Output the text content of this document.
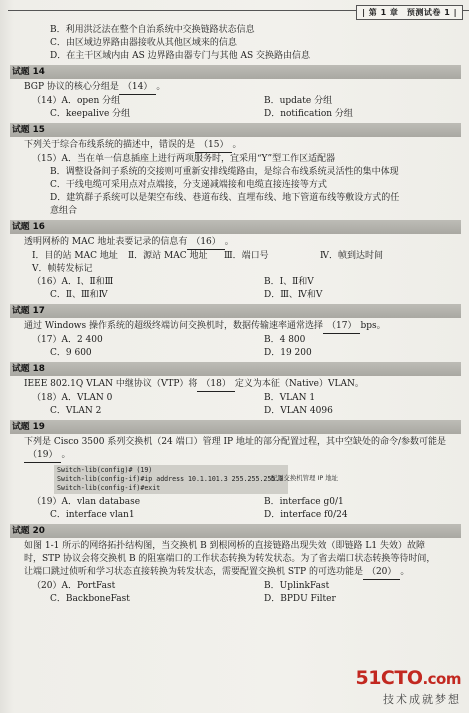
| 第 1 章　预测试卷 1 |
B．利用洪泛法在整个自治系统中交换链路状态信息
C．由区域边界路由器接收从其他区域来的信息
D．在主干区域内由 AS 边界路由器专门与其他 AS 交换路由信息
试题 14
BGP 协议的核心分组是 （14） 。
（14）A．open 分组	B．update 分组
C．keepalive 分组	D．notification 分组
试题 15
下列关于综合布线系统的描述中，错误的是 （15） 。
（15）A．当在单一信息插座上进行两项服务时，宜采用“Y”型工作区适配器
B．调整设备间子系统的交接则可重新安排线缆路由，是综合布线系统灵活性的集中体现
C．干线电缆可采用点对点端接，分支递减端接和电缆直接连接等方式
D．建筑群子系统可以是架空布线、巷道布线、直埋布线、地下管道布线等敷设方式的任
意组合
试题 16
透明网桥的 MAC 地址表要记录的信息有 （16） 。
Ⅰ．目的站 MAC 地址 Ⅱ．源站 MAC 地址 Ⅲ．端口号	Ⅳ．帧到达时间Ⅴ．帧转发标记
（16）A．Ⅰ、Ⅱ和Ⅲ	B．Ⅰ、Ⅱ和Ⅴ
C．Ⅱ、Ⅲ和Ⅳ	D．Ⅲ、Ⅳ和Ⅴ
试题 17
通过 Windows 操作系统的超级终端访问交换机时，数据传输速率通常选择 （17） bps。
（17）A．2 400	B．4 800
C．9 600	D．19 200
试题 18
IEEE 802.1Q VLAN 中继协议（VTP）将 （18） 定义为本征（Native）VLAN。
（18）A．VLAN 0	B．VLAN 1
C．VLAN 2	D．VLAN 4096
试题 19
下列是 Cisco 3500 系列交换机（24 端口）管理 IP 地址的部分配置过程，其中空缺处的命令/参数可能是
（19） 。
Switch-lib(config)# (19)
Switch-lib(config-if)#ip address 10.1.101.3 255.255.255.0
Switch-lib(config-if)#exit
配置交换机管理 IP 地址
（19）A．vlan database	B．interface g0/1
C．interface vlan1	D．interface f0/24
试题 20
如图 1-1 所示的网络拓扑结构图，当交换机 B 到根网桥的直接链路出现失效（即链路 L1 失效）故障
时，STP 协议会将交换机 B 的阻塞端口的工作状态转换为转发状态。为了省去端口状态转换等待时间，
让端口跳过侦听和学习状态直接转换为转发状态，需要配置交换机 STP 的可选功能是 （20） 。
（20）A．PortFast	B．UplinkFast
C．BackboneFast	D．BPDU Filter
51CTO.com
技术成就梦想
